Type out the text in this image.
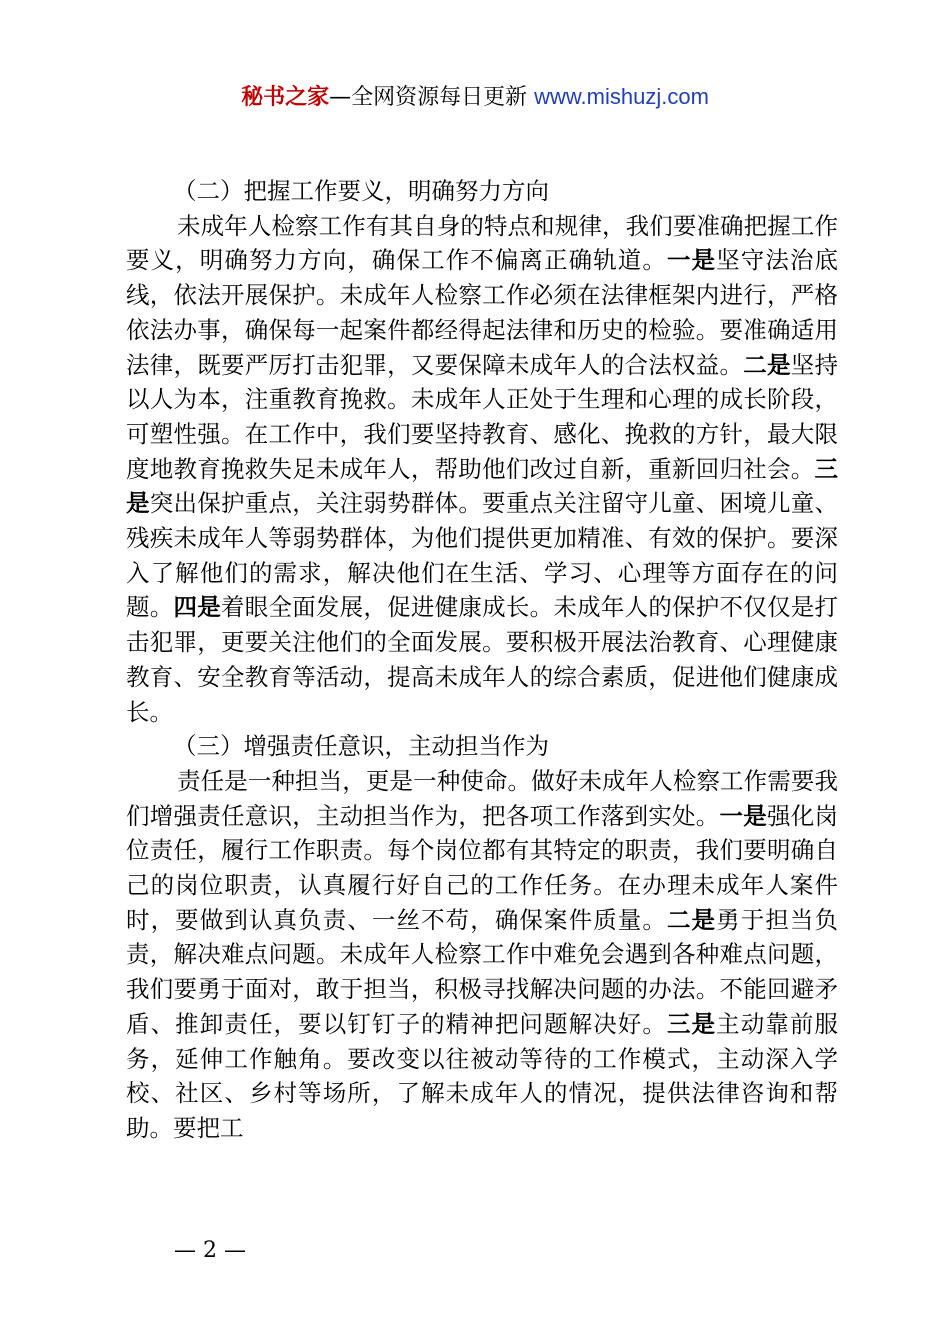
秘书之家—全网资源每日更新 www.mishuzj.com

（二）把握工作要义，明确努力方向

未成年人检察工作有其自身的特点和规律，我们要准确把握工作要义，明确努力方向，确保工作不偏离正确轨道。一是坚守法治底线，依法开展保护。未成年人检察工作必须在法律框架内进行，严格依法办事，确保每一起案件都经得起法律和历史的检验。要准确适用法律，既要严厉打击犯罪，又要保障未成年人的合法权益。二是坚持以人为本，注重教育挽救。未成年人正处于生理和心理的成长阶段，可塑性强。在工作中，我们要坚持教育、感化、挽救的方针，最大限度地教育挽救失足未成年人，帮助他们改过自新，重新回归社会。三是突出保护重点，关注弱势群体。要重点关注留守儿童、困境儿童、残疾未成年人等弱势群体，为他们提供更加精准、有效的保护。要深入了解他们的需求，解决他们在生活、学习、心理等方面存在的问题。四是着眼全面发展，促进健康成长。未成年人的保护不仅仅是打击犯罪，更要关注他们的全面发展。要积极开展法治教育、心理健康教育、安全教育等活动，提高未成年人的综合素质，促进他们健康成长。

（三）增强责任意识，主动担当作为

责任是一种担当，更是一种使命。做好未成年人检察工作需要我们增强责任意识，主动担当作为，把各项工作落到实处。一是强化岗位责任，履行工作职责。每个岗位都有其特定的职责，我们要明确自己的岗位职责，认真履行好自己的工作任务。在办理未成年人案件时，要做到认真负责、一丝不苟，确保案件质量。二是勇于担当负责，解决难点问题。未成年人检察工作中难免会遇到各种难点问题，我们要勇于面对，敢于担当，积极寻找解决问题的办法。不能回避矛盾、推卸责任，要以钉钉子的精神把问题解决好。三是主动靠前服务，延伸工作触角。要改变以往被动等待的工作模式，主动深入学校、社区、乡村等场所，了解未成年人的情况，提供法律咨询和帮助。要把工

— 2 —
